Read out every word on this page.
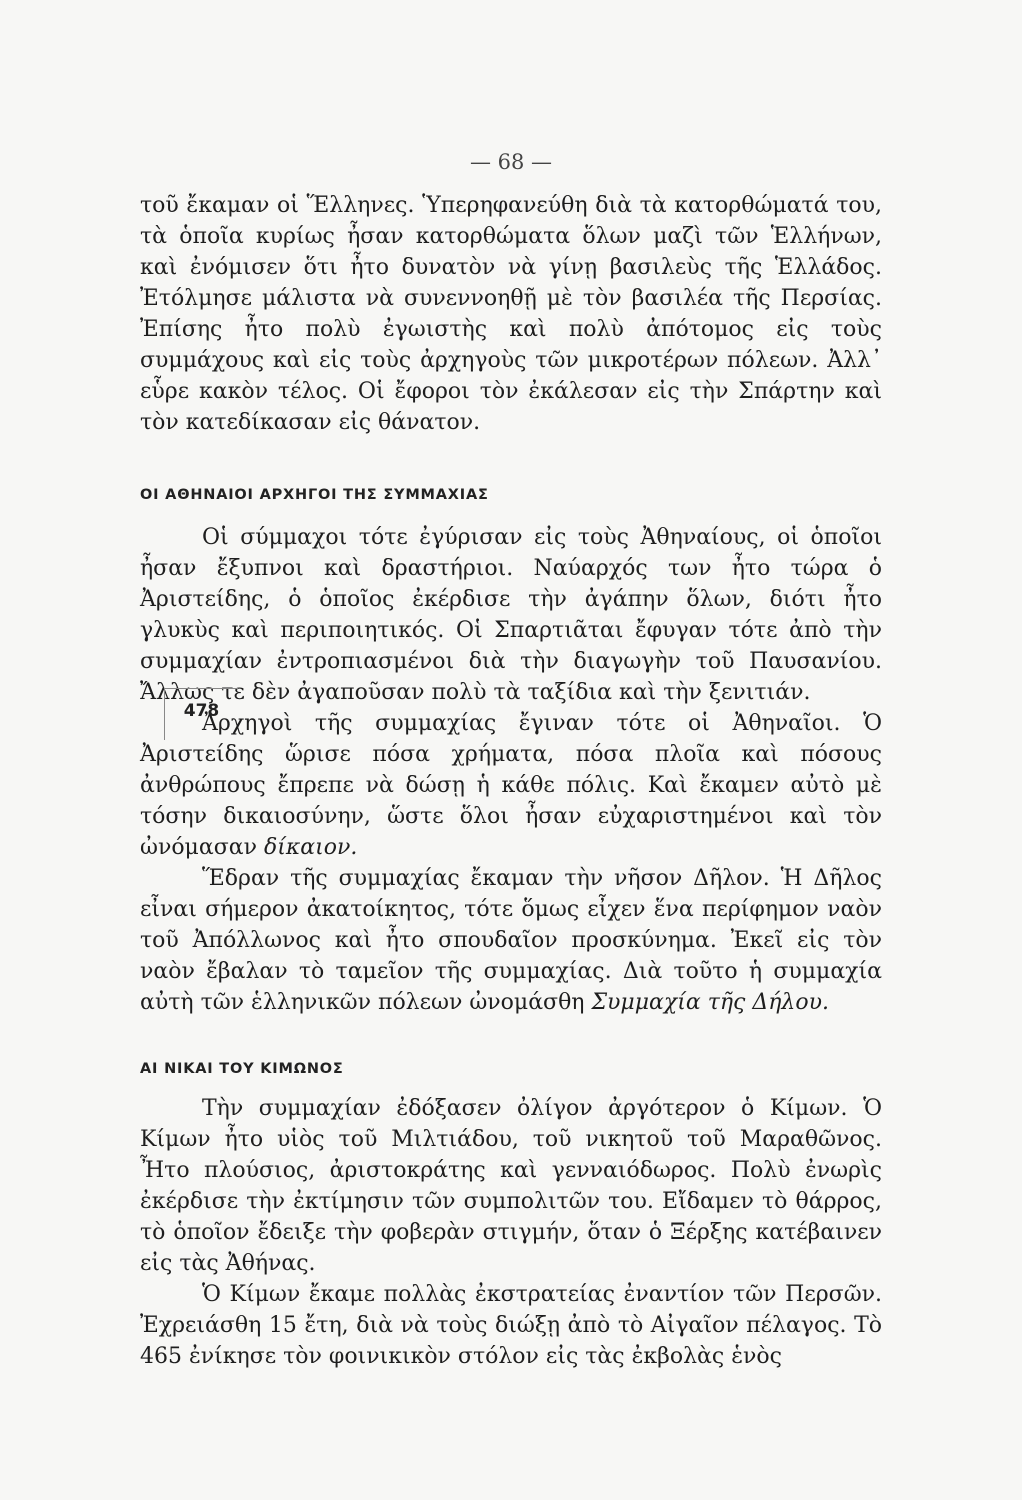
— 68 —

τοῦ ἔκαμαν οἱ Ἕλληνες. Ὑπερηφανεύθη διὰ τὰ κατορθώματά του, τὰ ὁποῖα κυρίως ἦσαν κατορθώματα ὅλων μαζὶ τῶν Ἑλλήνων, καὶ ἐνόμισεν ὅτι ἦτο δυνατὸν νὰ γίνῃ βασιλεὺς τῆς Ἑλλάδος. Ἐτόλμησε μάλιστα νὰ συνεννοηθῇ μὲ τὸν βασιλέα τῆς Περσίας. Ἐπίσης ἦτο πολὺ ἐγωιστὴς καὶ πολὺ ἀπότομος εἰς τοὺς συμμάχους καὶ εἰς τοὺς ἀρχηγοὺς τῶν μικροτέρων πόλεων. Ἀλλ᾽ εὗρε κακὸν τέλος. Οἱ ἔφοροι τὸν ἐκάλεσαν εἰς τὴν Σπάρτην καὶ τὸν κατεδίκασαν εἰς θάνατον.

ΟΙ ΑΘΗΝΑΙΟΙ ΑΡΧΗΓΟΙ ΤΗΣ ΣΥΜΜΑΧΙΑΣ

Οἱ σύμμαχοι τότε ἐγύρισαν εἰς τοὺς Ἀθηναίους, οἱ ὁποῖοι ἦσαν ἔξυπνοι καὶ δραστήριοι. Ναύαρχός των ἦτο τώρα ὁ Ἀριστείδης, ὁ ὁποῖος ἐκέρδισε τὴν ἀγάπην ὅλων, διότι ἦτο γλυκὺς καὶ περιποιητικός. Οἱ Σπαρτιᾶται ἔφυγαν τότε ἀπὸ τὴν συμμαχίαν ἐντροπιασμένοι διὰ τὴν διαγωγὴν τοῦ Παυσανίου. Ἄλλως τε δὲν ἀγαποῦσαν πολὺ τὰ ταξίδια καὶ τὴν ξενιτιάν.

Ἀρχηγοὶ τῆς συμμαχίας ἔγιναν τότε οἱ Ἀθηναῖοι. Ὁ Ἀριστείδης ὥρισε πόσα χρήματα, πόσα πλοῖα καὶ πόσους ἀνθρώπους ἔπρεπε νὰ δώσῃ ἡ κάθε πόλις. Καὶ ἔκαμεν αὐτὸ μὲ τόσην δικαιοσύνην, ὥστε ὅλοι ἦσαν εὐχαριστημένοι καὶ τὸν ὠνόμασαν δίκαιον.

Ἕδραν τῆς συμμαχίας ἔκαμαν τὴν νῆσον Δῆλον. Ἡ Δῆλος εἶναι σήμερον ἀκατοίκητος, τότε ὅμως εἶχεν ἕνα περίφημον ναὸν τοῦ Ἀπόλλωνος καὶ ἦτο σπουδαῖον προσκύνημα. Ἐκεῖ εἰς τὸν ναὸν ἔβαλαν τὸ ταμεῖον τῆς συμμαχίας. Διὰ τοῦτο ἡ συμμαχία αὐτὴ τῶν ἑλληνικῶν πόλεων ὠνομάσθη Συμμαχία τῆς Δήλου.

478
ΑΙ ΝΙΚΑΙ ΤΟΥ ΚΙΜΩΝΟΣ

Τὴν συμμαχίαν ἐδόξασεν ὀλίγον ἀργότερον ὁ Κίμων. Ὁ Κίμων ἦτο υἱὸς τοῦ Μιλτιάδου, τοῦ νικητοῦ τοῦ Μαραθῶνος. Ἦτο πλούσιος, ἀριστοκράτης καὶ γενναιόδωρος. Πολὺ ἐνωρὶς ἐκέρδισε τὴν ἐκτίμησιν τῶν συμπολιτῶν του. Εἴδαμεν τὸ θάρρος, τὸ ὁποῖον ἔδειξε τὴν φοβερὰν στιγμήν, ὅταν ὁ Ξέρξης κατέβαινεν εἰς τὰς Ἀθήνας.

Ὁ Κίμων ἔκαμε πολλὰς ἐκστρατείας ἐναντίον τῶν Περσῶν. Ἐχρειάσθη 15 ἔτη, διὰ νὰ τοὺς διώξῃ ἀπὸ τὸ Αἰγαῖον πέλαγος. Τὸ 465 ἐνίκησε τὸν φοινικικὸν στόλον εἰς τὰς ἐκβολὰς ἑνὸς
